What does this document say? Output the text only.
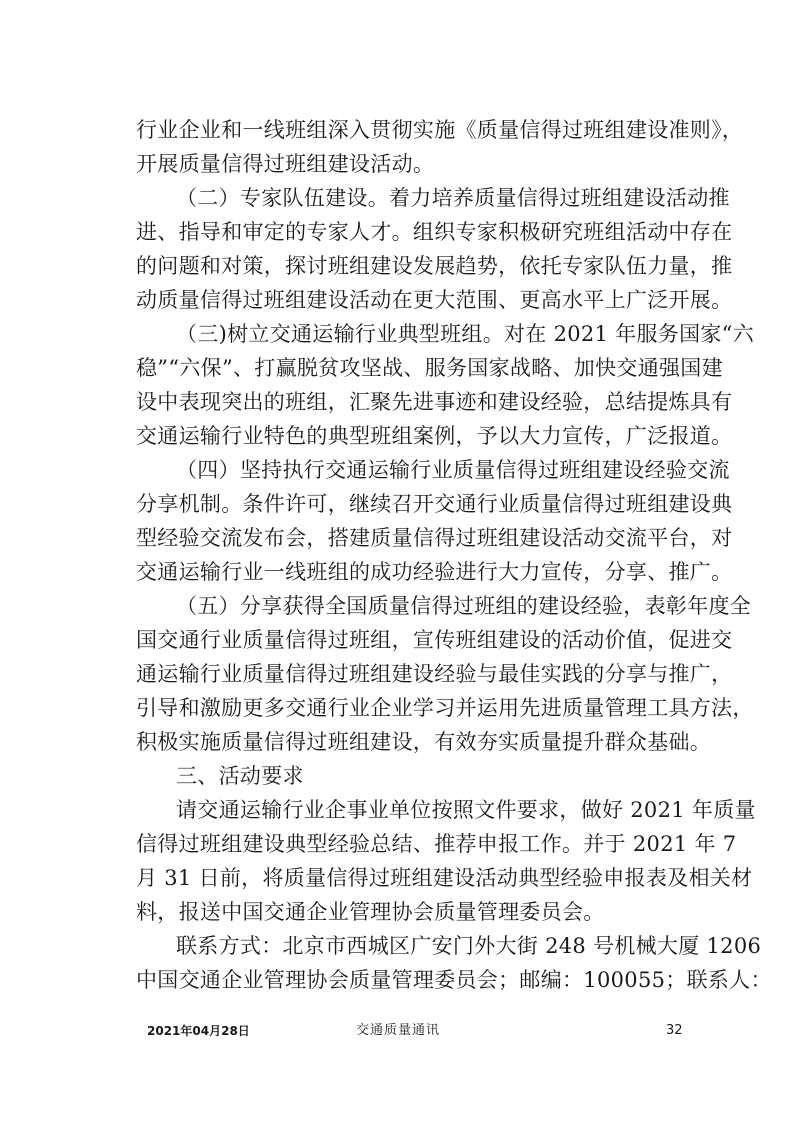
行业企业和一线班组深入贯彻实施《质量信得过班组建设准则》，
开展质量信得过班组建设活动。
（二）专家队伍建设。着力培养质量信得过班组建设活动推
进、指导和审定的专家人才。组织专家积极研究班组活动中存在
的问题和对策，探讨班组建设发展趋势，依托专家队伍力量，推
动质量信得过班组建设活动在更大范围、更高水平上广泛开展。
（三)树立交通运输行业典型班组。对在 2021 年服务国家“六
稳”“六保”、打赢脱贫攻坚战、服务国家战略、加快交通强国建
设中表现突出的班组，汇聚先进事迹和建设经验，总结提炼具有
交通运输行业特色的典型班组案例，予以大力宣传，广泛报道。
（四）坚持执行交通运输行业质量信得过班组建设经验交流
分享机制。条件许可，继续召开交通行业质量信得过班组建设典
型经验交流发布会，搭建质量信得过班组建设活动交流平台，对
交通运输行业一线班组的成功经验进行大力宣传，分享、推广。
（五）分享获得全国质量信得过班组的建设经验，表彰年度全
国交通行业质量信得过班组，宣传班组建设的活动价值，促进交
通运输行业质量信得过班组建设经验与最佳实践的分享与推广，
引导和激励更多交通行业企业学习并运用先进质量管理工具方法，
积极实施质量信得过班组建设，有效夯实质量提升群众基础。
三、活动要求
请交通运输行业企事业单位按照文件要求，做好 2021 年质量
信得过班组建设典型经验总结、推荐申报工作。并于 2021 年 7
月 31 日前，将质量信得过班组建设活动典型经验申报表及相关材
料，报送中国交通企业管理协会质量管理委员会。
联系方式：北京市西城区广安门外大街 248 号机械大厦 1206
中国交通企业管理协会质量管理委员会；邮编：100055；联系人：
2021年04月28日	交通质量通讯	32
